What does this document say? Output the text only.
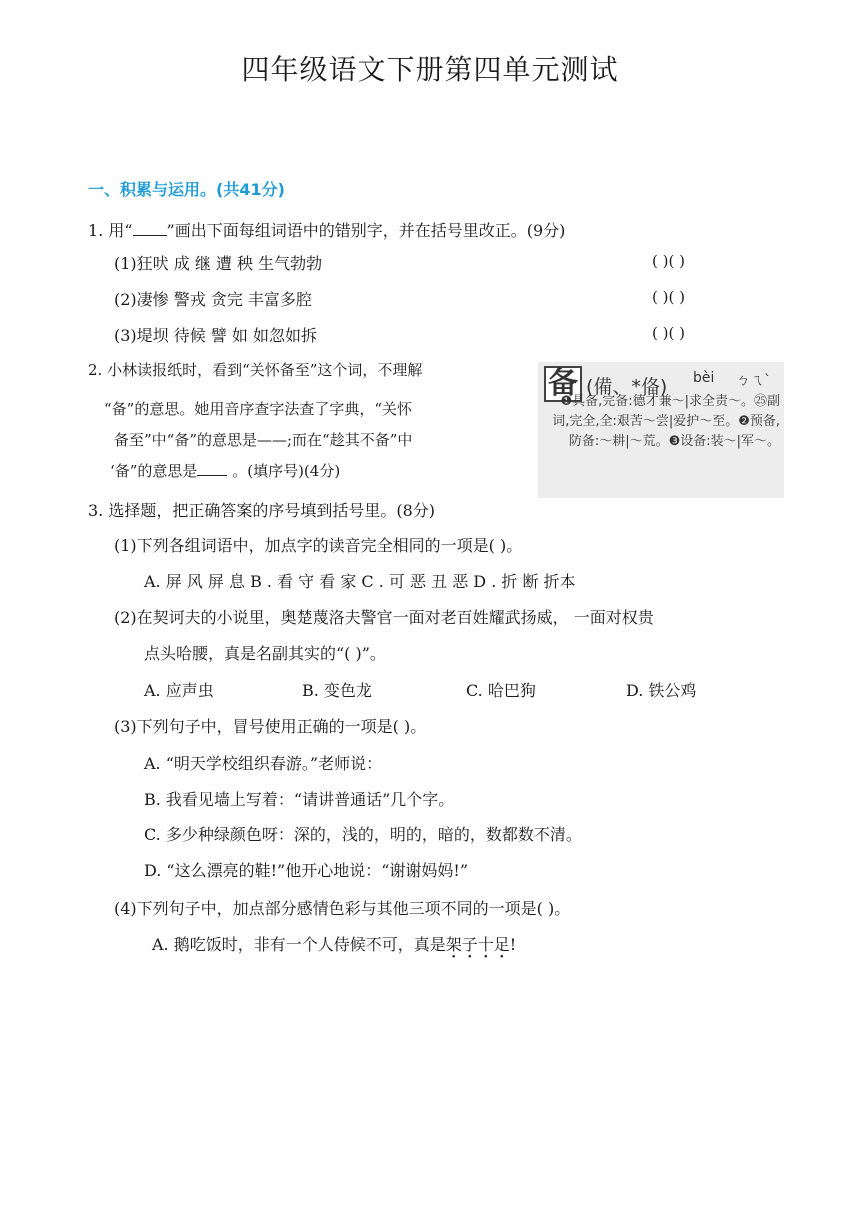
四年级语文下册第四单元测试
一、积累与运用。(共41分)
1. 用“ ”画出下面每组词语中的错别字，并在括号里改正。(9分)
(1)狂吠 成 继 遭 秧 生气勃勃	( )( )
(2)凄惨 警戎 贪完 丰富多腔	( )( )
(3)堤坝 待候 譬 如 如忽如拆	( )( )
2. 小林读报纸时，看到“关怀备至”这个词，不理解
“备”的意思。她用音序查字法查了字典，“关怀
备至”中“备”的意思是——;而在“趁其不备”中
‘备”的意思是 。(填序号)(4分)
备 (備、*俻) bèi ㄅㄟˋ
❶具备,完备:德才兼～|求全责～。㉕副词,完全,全:艰苦～尝|爱护～至。❷预备,防备:～耕|～荒。❸设备:装～|军～。
3. 选择题，把正确答案的序号填到括号里。(8分)
(1)下列各组词语中，加点字的读音完全相同的一项是( )。
A. 屏 风 屏 息 B . 看 守 看 家 C . 可 恶 丑 恶 D . 折 断 折本
(2)在契诃夫的小说里，奥楚蔑洛夫警官一面对老百姓耀武扬威， 一面对权贵
点头哈腰，真是名副其实的“( )”。
A. 应声虫	B. 变色龙	C. 哈巴狗	D. 铁公鸡
(3)下列句子中，冒号使用正确的一项是( )。
A. “明天学校组织春游。”老师说：
B. 我看见墙上写着：“请讲普通话”几个字。
C. 多少种绿颜色呀：深的，浅的，明的，暗的，数都数不清。
D. “这么漂亮的鞋!”他开心地说：“谢谢妈妈!”
(4)下列句子中，加点部分感情色彩与其他三项不同的一项是( )。
A. 鹅吃饭时，非有一个人侍候不可，真是架子十足!
